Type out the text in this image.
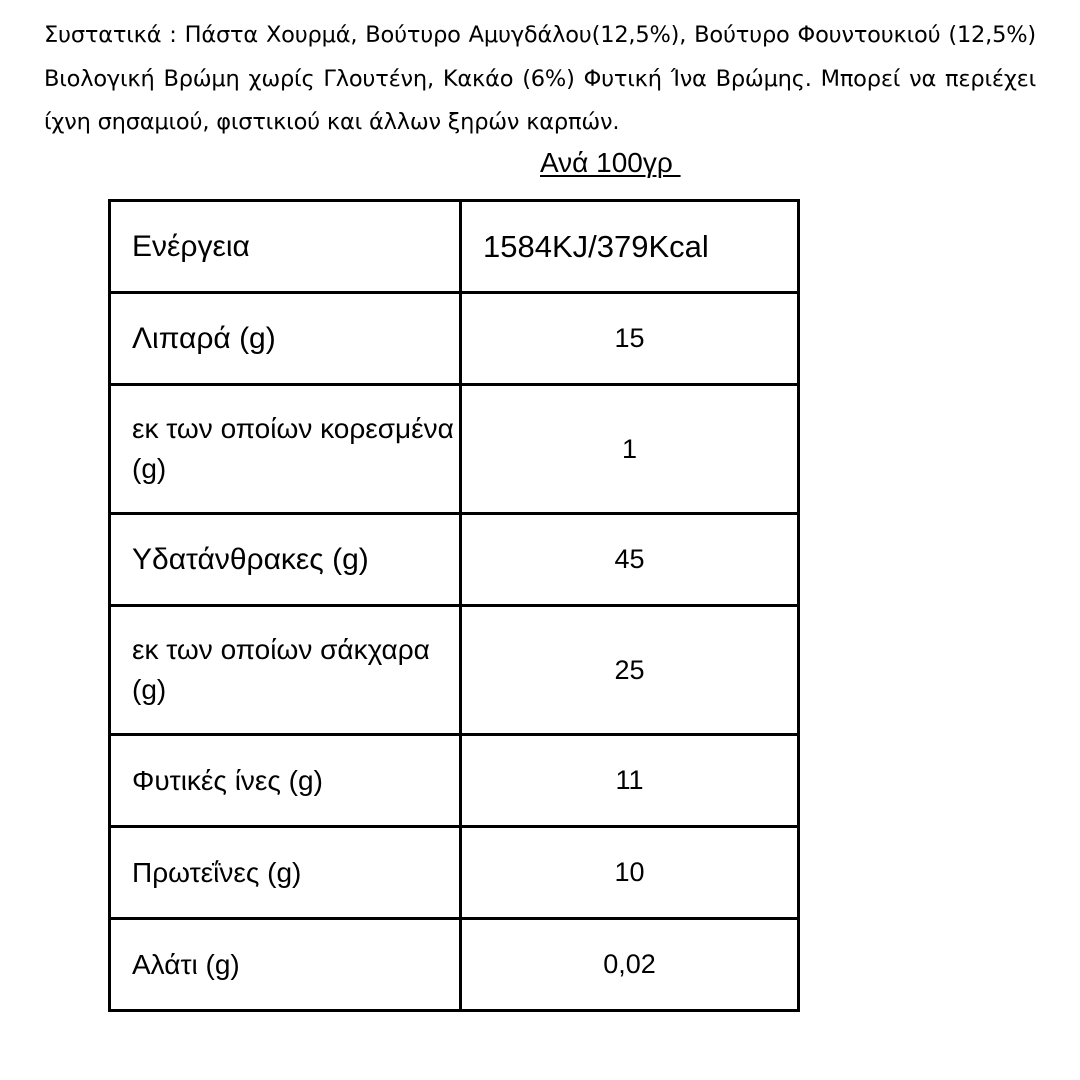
Συστατικά : Πάστα Χουρμά, Βούτυρο Αμυγδάλου(12,5%), Βούτυρο Φουντουκιού (12,5%) Βιολογική Βρώμη χωρίς Γλουτένη, Κακάο (6%) Φυτική Ίνα Βρώμης. Μπορεί να περιέχει ίχνη σησαμιού, φιστικιού και άλλων ξηρών καρπών.

Ανά 100γρ
Ενέργεια	1584KJ/379Kcal
Λιπαρά (g)	15
εκ των οποίων κορεσμένα (g)	1
Υδατάνθρακες (g)	45
εκ των οποίων σάκχαρα (g)	25
Φυτικές ίνες (g)	11
Πρωτεΐνες (g)	10
Αλάτι (g)	0,02
